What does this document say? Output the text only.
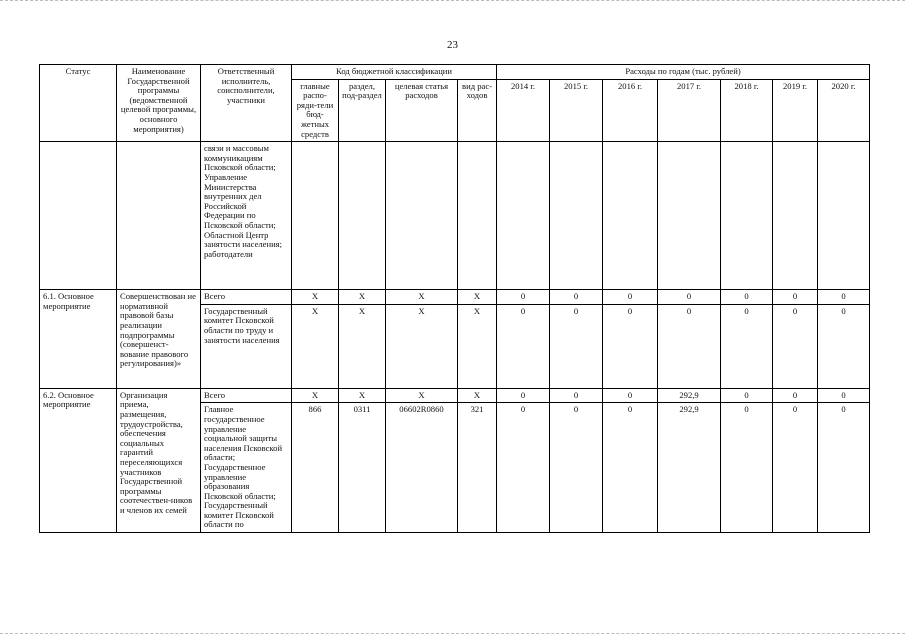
23
Статус	Наименование Государственной программы (ведомственной целевой программы, основного мероприятия)	Ответственный исполнитель, соисполнители, участники	Код бюджетной классификации				Расходы по годам (тыс. рублей)						
			главные распо-ряди-тели бюд-жетных средств	раздел, под-раздел	целевая статья расходов	вид рас-ходов	2014 г.	2015 г.	2016 г.	2017 г.	2018 г.	2019 г.	2020 г.
		связи и массовым коммуникациям Псковской области; Управление Министерства внутренних дел Российской Федерации по Псковской области; Областной Центр занятости населения; работодатели											
6.1. Основное мероприятие	Совершенствован ие нормативной правовой базы реализации подпрограммы (совершенст-вование правового регулирования)»	Всего	X	X	X	X	0	0	0	0	0	0	0
		Государственный комитет Псковской области по труду и занятости населения	X	X	X	X	0	0	0	0	0	0	0
6.2. Основное мероприятие	Организация приема, размещения, трудоустройства, обеспечения социальных гарантий переселяющихся участников Государственной программы соотечествен-ников и членов их семей	Всего	X	X	X	X	0	0	0	292,9	0	0	0
		Главное государственное управление социальной защиты населения Псковской области; Государственное управление образования Псковской области; Государственный комитет Псковской области по	866	0311	06602R0860	321	0	0	0	292,9	0	0	0
